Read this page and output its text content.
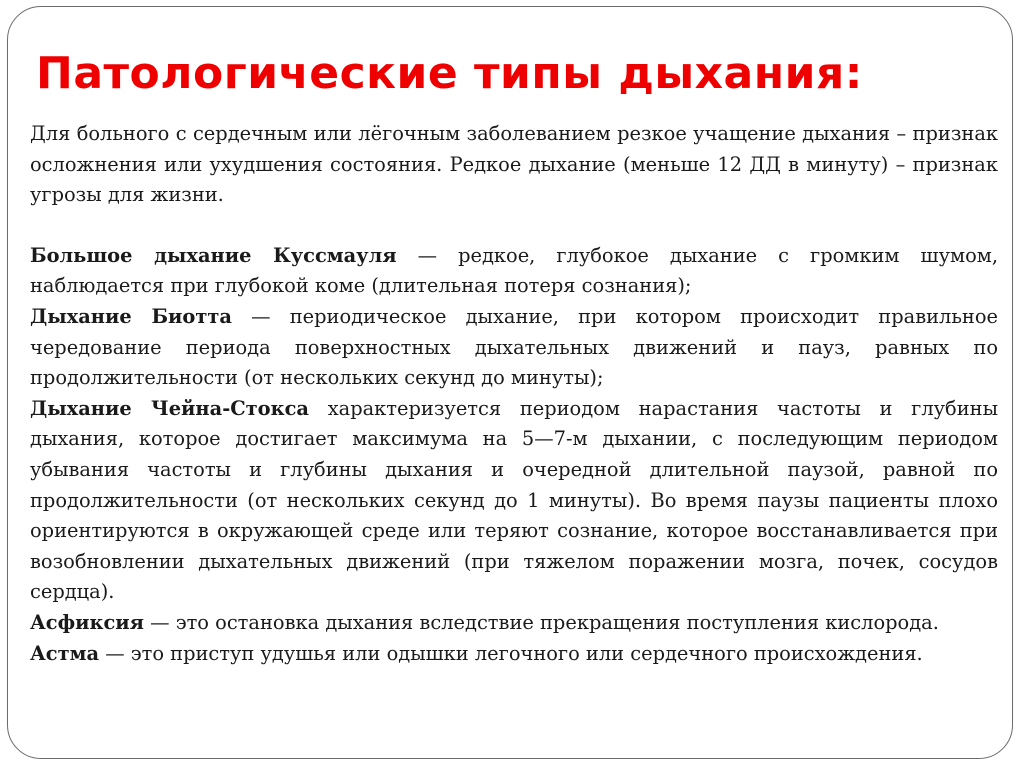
Для больного с сердечным или лёгочным заболеванием резкое учащение дыхания – признак осложнения или ухудшения состояния. Редкое дыхание (меньше 12 ДД в минуту) – признак угрозы для жизни.

Большое дыхание Куссмауля — редкое, глубокое дыхание с громким шумом, наблюдается при глубокой коме (длительная потеря сознания);

Дыхание Биотта — периодическое дыхание, при котором происходит правильное чередование периода поверхностных дыхательных движений и пауз, равных по продолжительности (от нескольких секунд до минуты);

Дыхание Чейна-Стокса характеризуется периодом нарастания частоты и глубины дыхания, которое достигает максимума на 5—7-м дыхании, с последующим периодом убывания частоты и глубины дыхания и очередной длительной паузой, равной по продолжительности (от нескольких секунд до 1 минуты). Во время паузы пациенты плохо ориентируются в окружающей среде или теряют сознание, которое восстанавливается при возобновлении дыхательных движений (при тяжелом поражении мозга, почек, сосудов сердца).

Асфиксия — это остановка дыхания вследствие прекращения поступления кислорода.

Астма — это приступ удушья или одышки легочного или сердечного происхождения.

Патологические типы дыхания:
